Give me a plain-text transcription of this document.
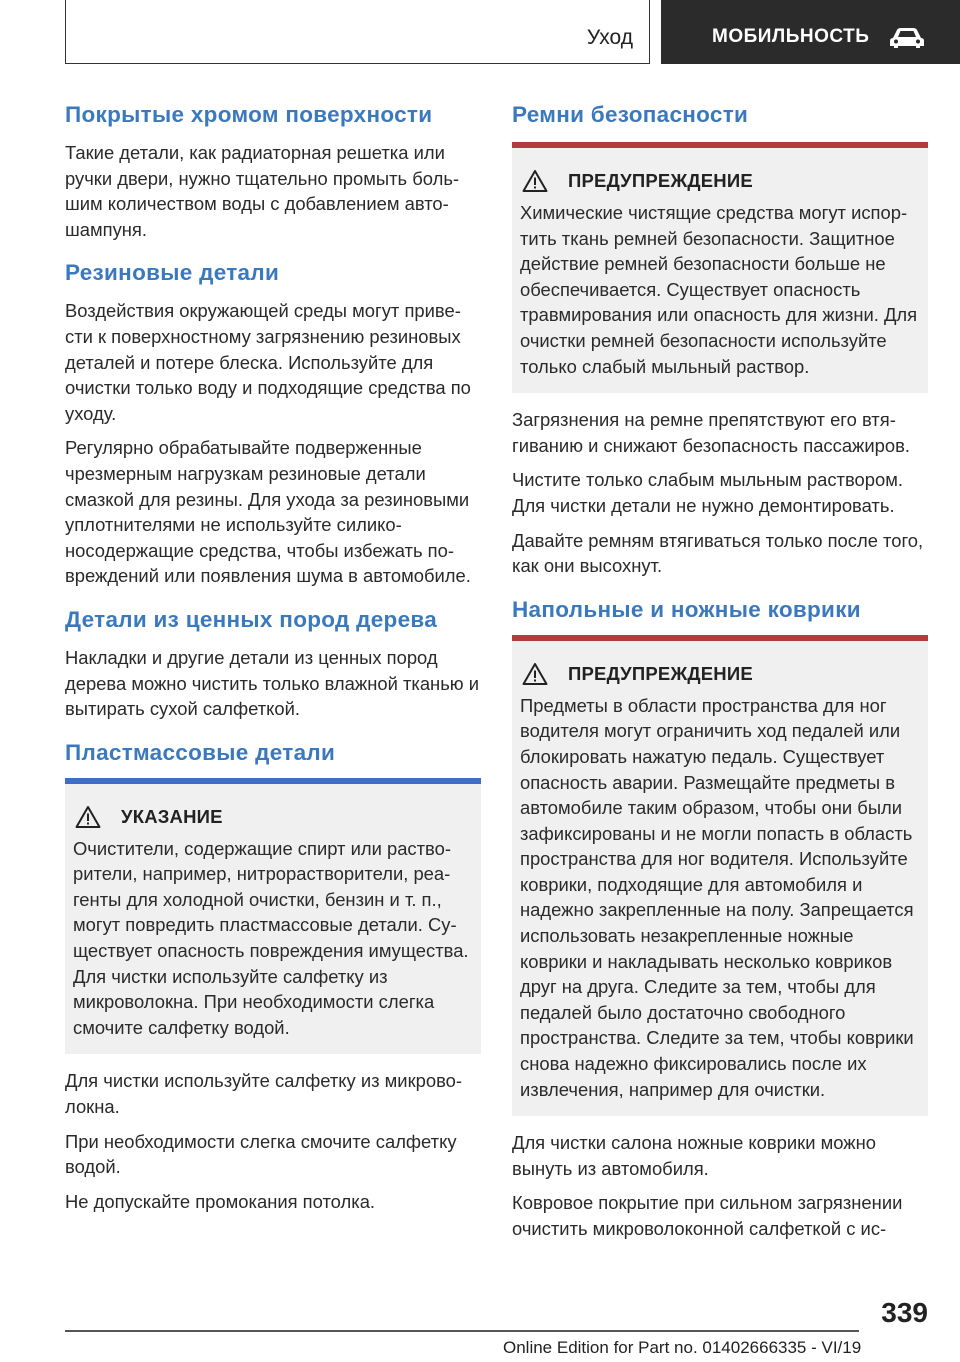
Уход	МОБИЛЬНОСТЬ
Покрытые хромом поверхности

Такие детали, как радиаторная решетка или ручки двери, нужно тщательно промыть большим количеством воды с добавлением автошампуня.

Резиновые детали

Воздействия окружающей среды могут привести к поверхностному загрязнению резиновых деталей и потере блеска. Используйте для очистки только воду и подходящие средства по уходу.

Регулярно обрабатывайте подверженные чрезмерным нагрузкам резиновые детали смазкой для резины. Для ухода за резиновыми уплотнителями не используйте силиконосодержащие средства, чтобы избежать повреждений или появления шума в автомобиле.

Детали из ценных пород дерева

Накладки и другие детали из ценных пород дерева можно чистить только влажной тканью и вытирать сухой салфеткой.

Пластмассовые детали
УКАЗАНИЕ

Очистители, содержащие спирт или растворители, например, нитрорастворители, реагенты для холодной очистки, бензин и т. п., могут повредить пластмассовые детали. Существует опасность повреждения имущества. Для чистки используйте салфетку из микроволокна. При необходимости слегка смочите салфетку водой.

Для чистки используйте салфетку из микроволокна.

При необходимости слегка смочите салфетку водой.

Не допускайте промокания потолка.

Ремни безопасности
ПРЕДУПРЕЖДЕНИЕ

Химические чистящие средства могут испортить ткань ремней безопасности. Защитное действие ремней безопасности больше не обеспечивается. Существует опасность травмирования или опасность для жизни. Для очистки ремней безопасности используйте только слабый мыльный раствор.

Загрязнения на ремне препятствуют его втягиванию и снижают безопасность пассажиров.

Чистите только слабым мыльным раствором. Для чистки детали не нужно демонтировать.

Давайте ремням втягиваться только после того, как они высохнут.

Напольные и ножные коврики
ПРЕДУПРЕЖДЕНИЕ

Предметы в области пространства для ног водителя могут ограничить ход педалей или блокировать нажатую педаль. Существует опасность аварии. Размещайте предметы в автомобиле таким образом, чтобы они были зафиксированы и не могли попасть в область пространства для ног водителя. Используйте коврики, подходящие для автомобиля и надежно закрепленные на полу. Запрещается использовать незакрепленные ножные коврики и накладывать несколько ковриков друг на друга. Следите за тем, чтобы для педалей было достаточно свободного пространства. Следите за тем, чтобы коврики снова надежно фиксировались после их извлечения, например для очистки.

Для чистки салона ножные коврики можно вынуть из автомобиля.

Ковровое покрытие при сильном загрязнении очистить микроволоконной салфеткой с ис-

339
Online Edition for Part no. 01402666335 - VI/19
